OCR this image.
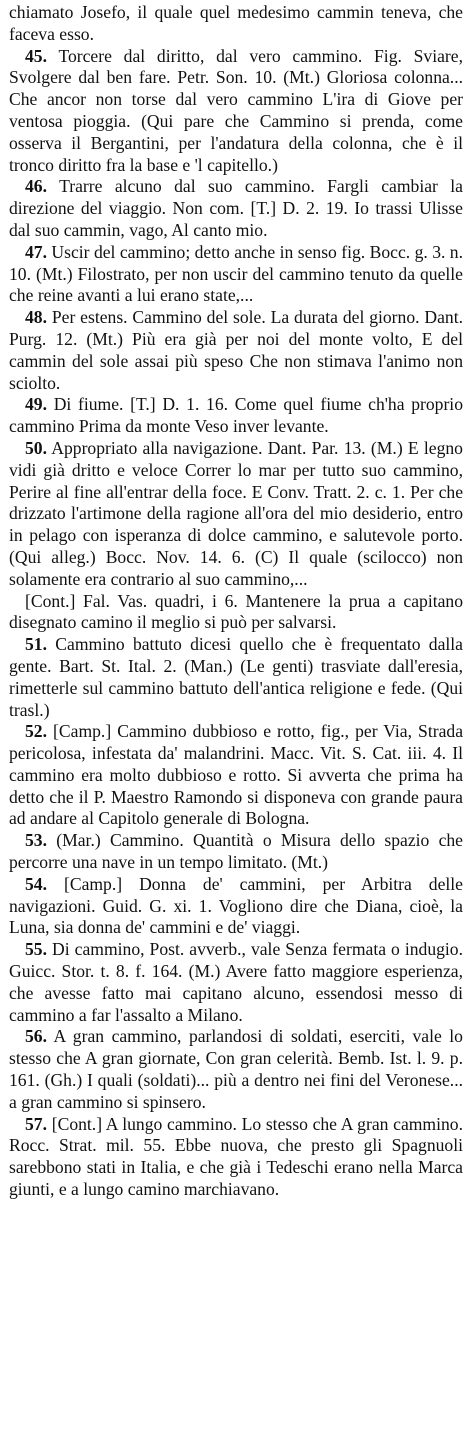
chiamato Josefo, il quale quel medesimo cammin teneva, che faceva esso.

45. Torcere dal diritto, dal vero cammino. Fig. Sviare, Svolgere dal ben fare. Petr. Son. 10. (Mt.) Gloriosa colonna... Che ancor non torse dal vero cammino L'ira di Giove per ventosa pioggia. (Qui pare che Cammino si prenda, come osserva il Bergantini, per l'andatura della colonna, che è il tronco diritto fra la base e 'l capitello.)

46. Trarre alcuno dal suo cammino. Fargli cambiar la direzione del viaggio. Non com. [T.] D. 2. 19. Io trassi Ulisse dal suo cammin, vago, Al canto mio.

47. Uscir del cammino; detto anche in senso fig. Bocc. g. 3. n. 10. (Mt.) Filostrato, per non uscir del cammino tenuto da quelle che reine avanti a lui erano state,...

48. Per estens. Cammino del sole. La durata del giorno. Dant. Purg. 12. (Mt.) Più era già per noi del monte volto, E del cammin del sole assai più speso Che non stimava l'animo non sciolto.

49. Di fiume. [T.] D. 1. 16. Come quel fiume ch'ha proprio cammino Prima da monte Veso inver levante.

50. Appropriato alla navigazione. Dant. Par. 13. (M.) E legno vidi già dritto e veloce Correr lo mar per tutto suo cammino, Perire al fine all'entrar della foce. E Conv. Tratt. 2. c. 1. Per che drizzato l'artimone della ragione all'ora del mio desiderio, entro in pelago con isperanza di dolce cammino, e salutevole porto. (Qui alleg.) Bocc. Nov. 14. 6. (C) Il quale (scilocco) non solamente era contrario al suo cammino,...

[Cont.] Fal. Vas. quadri, i 6. Mantenere la prua a capitano disegnato camino il meglio si può per salvarsi.

51. Cammino battuto dicesi quello che è frequentato dalla gente. Bart. St. Ital. 2. (Man.) (Le genti) trasviate dall'eresia, rimetterle sul cammino battuto dell'antica religione e fede. (Qui trasl.)

52. [Camp.] Cammino dubbioso e rotto, fig., per Via, Strada pericolosa, infestata da' malandrini. Macc. Vit. S. Cat. iii. 4. Il cammino era molto dubbioso e rotto. Si avverta che prima ha detto che il P. Maestro Ramondo si disponeva con grande paura ad andare al Capitolo generale di Bologna.

53. (Mar.) Cammino. Quantità o Misura dello spazio che percorre una nave in un tempo limitato. (Mt.)

54. [Camp.] Donna de' cammini, per Arbitra delle navigazioni. Guid. G. xi. 1. Vogliono dire che Diana, cioè, la Luna, sia donna de' cammini e de' viaggi.

55. Di cammino, Post. avverb., vale Senza fermata o indugio. Guicc. Stor. t. 8. f. 164. (M.) Avere fatto maggiore esperienza, che avesse fatto mai capitano alcuno, essendosi messo di cammino a far l'assalto a Milano.

56. A gran cammino, parlandosi di soldati, eserciti, vale lo stesso che A gran giornate, Con gran celerità. Bemb. Ist. l. 9. p. 161. (Gh.) I quali (soldati)... più a dentro nei fini del Veronese... a gran cammino si spinsero.

57. [Cont.] A lungo cammino. Lo stesso che A gran cammino. Rocc. Strat. mil. 55. Ebbe nuova, che presto gli Spagnuoli sarebbono stati in Italia, e che già i Tedeschi erano nella Marca giunti, e a lungo camino marchiavano.
